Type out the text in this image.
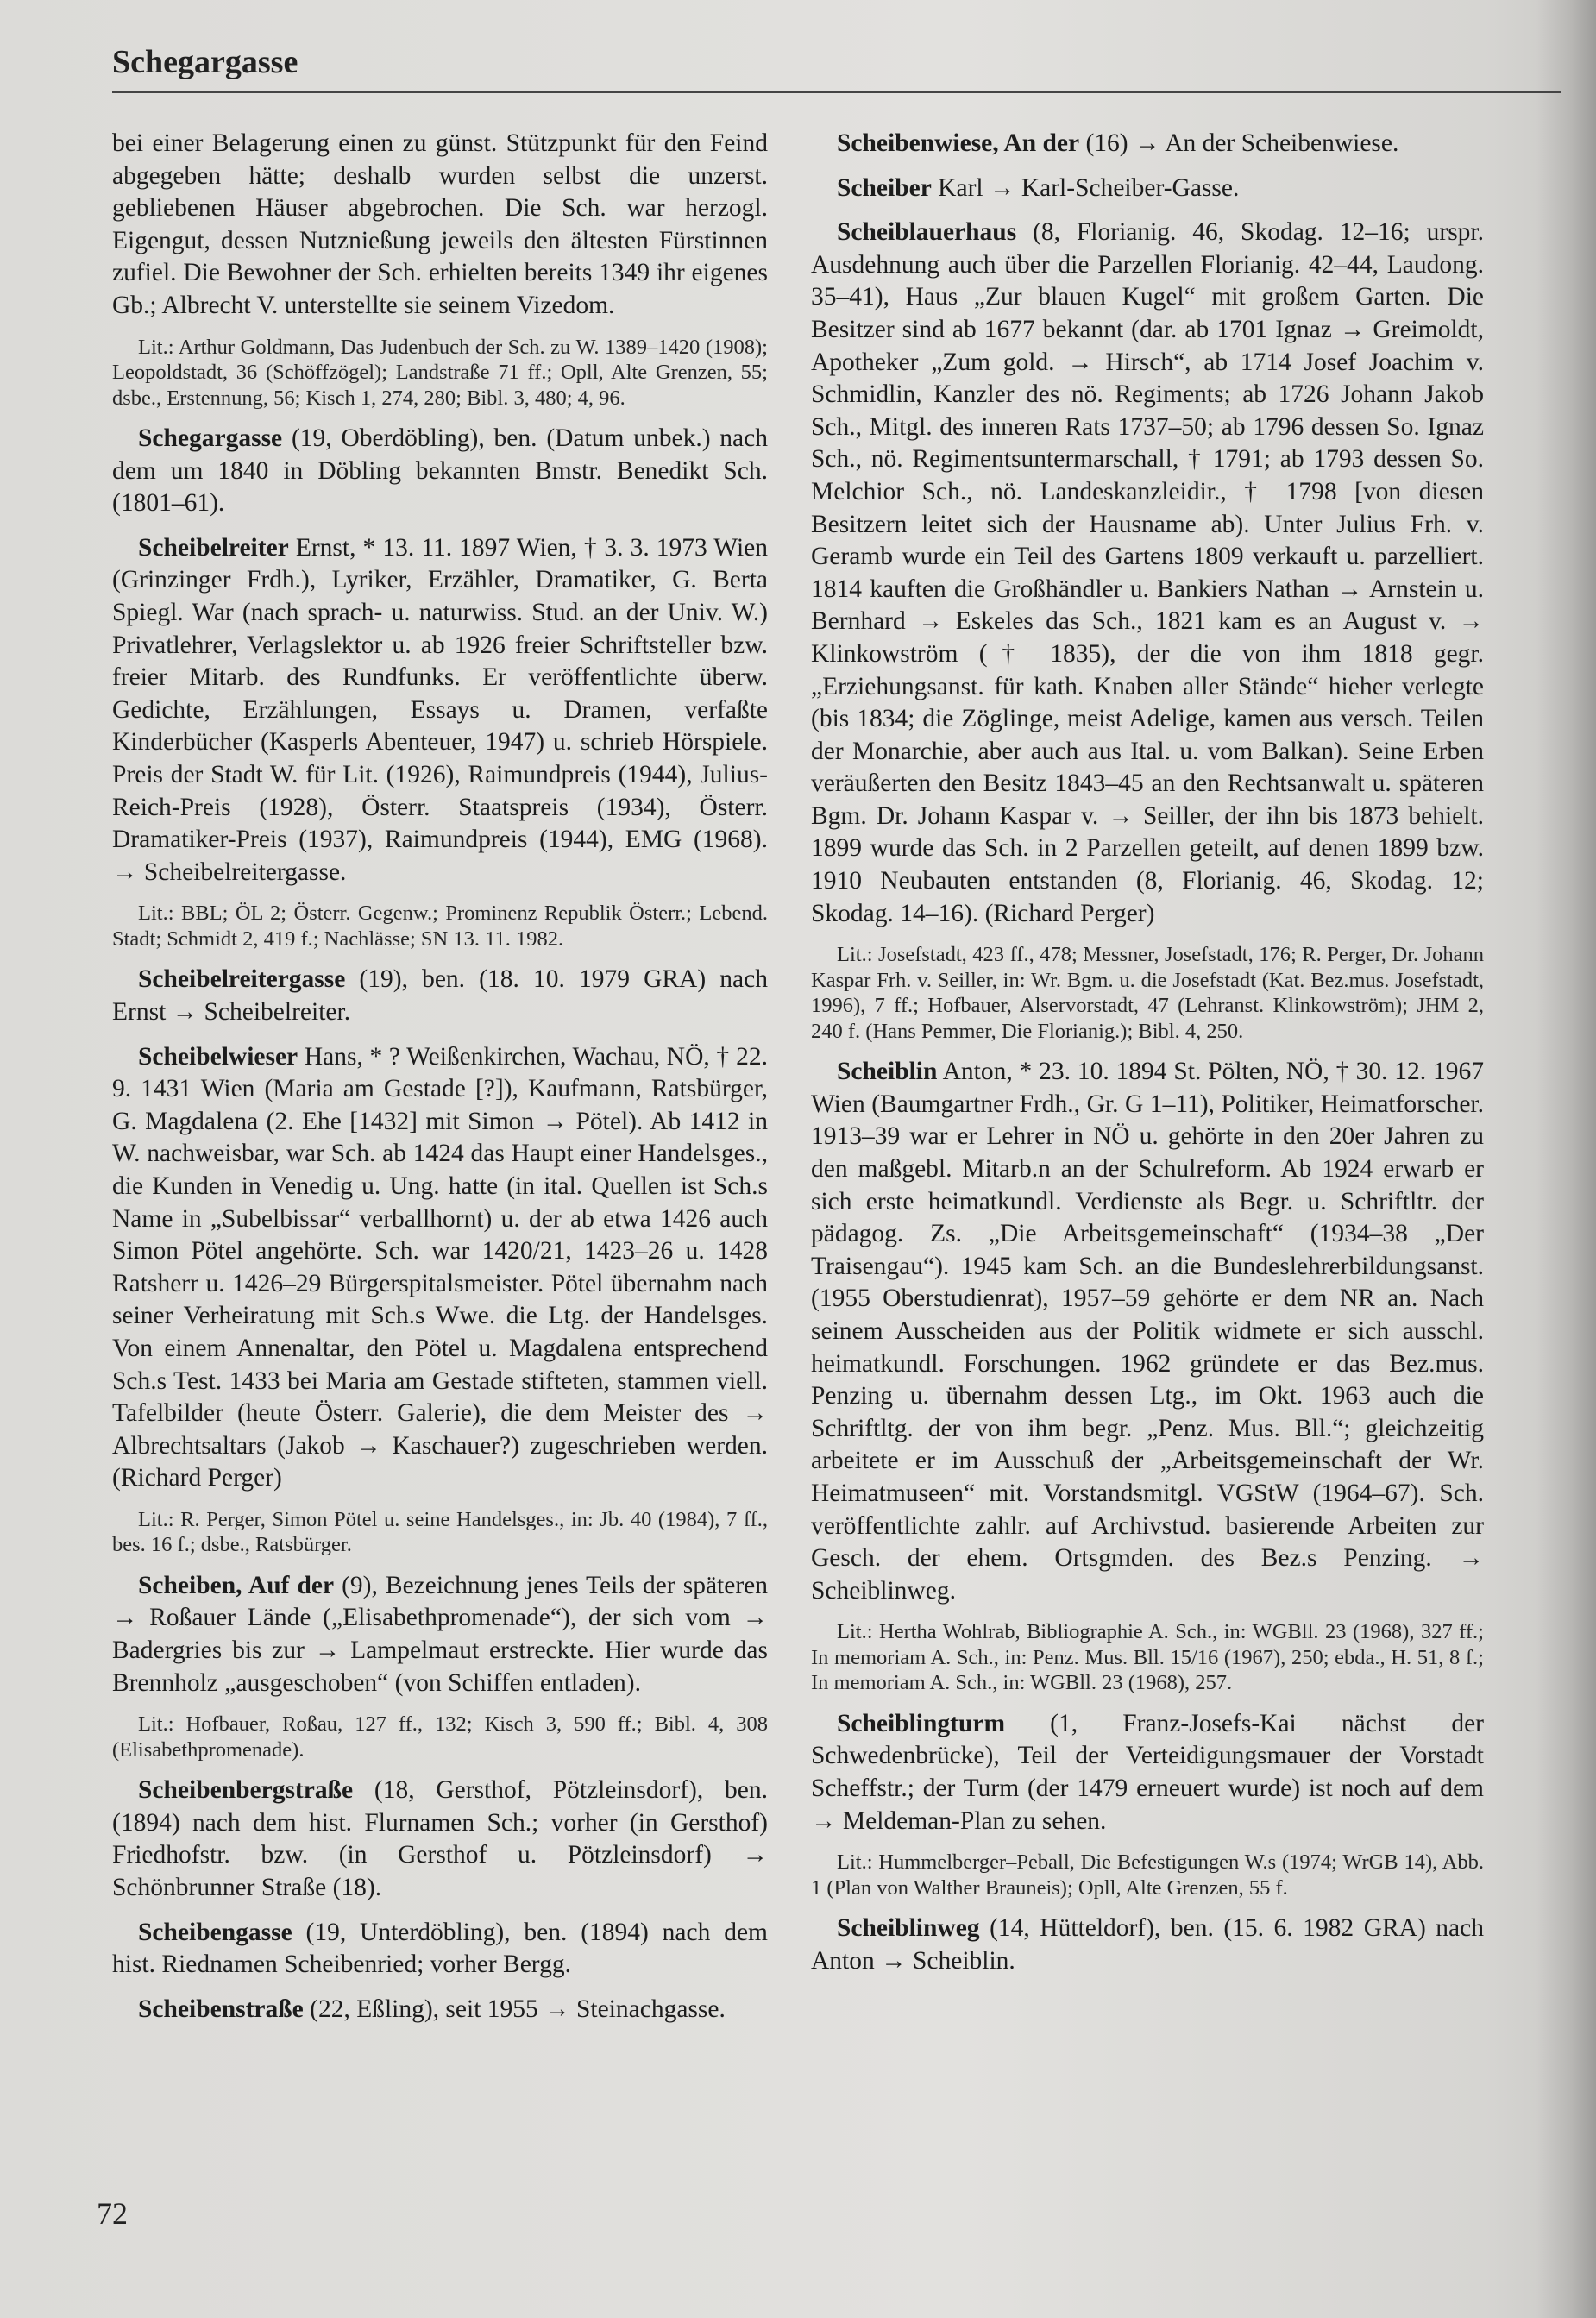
Schegargasse

bei einer Belagerung einen zu günst. Stützpunkt für den Feind abgegeben hätte; deshalb wurden selbst die unzerst. gebliebenen Häuser abgebrochen. Die Sch. war herzogl. Eigengut, dessen Nutznießung jeweils den ältesten Fürstinnen zufiel. Die Bewohner der Sch. erhielten bereits 1349 ihr eigenes Gb.; Albrecht V. unterstellte sie seinem Vizedom.

Lit.: Arthur Goldmann, Das Judenbuch der Sch. zu W. 1389–1420 (1908); Leopoldstadt, 36 (Schöffzögel); Landstraße 71 ff.; Opll, Alte Grenzen, 55; dsbe., Erstennung, 56; Kisch 1, 274, 280; Bibl. 3, 480; 4, 96.

Schegargasse (19, Oberdöbling), ben. (Datum unbek.) nach dem um 1840 in Döbling bekannten Bmstr. Benedikt Sch. (1801–61).

Scheibelreiter Ernst, * 13. 11. 1897 Wien, † 3. 3. 1973 Wien (Grinzinger Frdh.), Lyriker, Erzähler, Dramatiker, G. Berta Spiegl. War (nach sprach- u. naturwiss. Stud. an der Univ. W.) Privatlehrer, Verlagslektor u. ab 1926 freier Schriftsteller bzw. freier Mitarb. des Rundfunks. Er veröffentlichte überw. Gedichte, Erzählungen, Essays u. Dramen, verfaßte Kinderbücher (Kasperls Abenteuer, 1947) u. schrieb Hörspiele. Preis der Stadt W. für Lit. (1926), Raimundpreis (1944), Julius-Reich-Preis (1928), Österr. Staatspreis (1934), Österr. Dramatiker-Preis (1937), Raimundpreis (1944), EMG (1968). → Scheibelreitergasse.

Lit.: BBL; ÖL 2; Österr. Gegenw.; Prominenz Republik Österr.; Lebend. Stadt; Schmidt 2, 419 f.; Nachlässe; SN 13. 11. 1982.

Scheibelreitergasse (19), ben. (18. 10. 1979 GRA) nach Ernst → Scheibelreiter.

Scheibelwieser Hans, * ? Weißenkirchen, Wachau, NÖ, † 22. 9. 1431 Wien (Maria am Gestade [?]), Kaufmann, Ratsbürger, G. Magdalena (2. Ehe [1432] mit Simon → Pötel). Ab 1412 in W. nachweisbar, war Sch. ab 1424 das Haupt einer Handelsges., die Kunden in Venedig u. Ung. hatte (in ital. Quellen ist Sch.s Name in „Subelbissar“ verballhornt) u. der ab etwa 1426 auch Simon Pötel angehörte. Sch. war 1420/21, 1423–26 u. 1428 Ratsherr u. 1426–29 Bürgerspitalsmeister. Pötel übernahm nach seiner Verheiratung mit Sch.s Wwe. die Ltg. der Handelsges. Von einem Annenaltar, den Pötel u. Magdalena entsprechend Sch.s Test. 1433 bei Maria am Gestade stifteten, stammen viell. Tafelbilder (heute Österr. Galerie), die dem Meister des → Albrechtsaltars (Jakob → Kaschauer?) zugeschrieben werden. (Richard Perger)

Lit.: R. Perger, Simon Pötel u. seine Handelsges., in: Jb. 40 (1984), 7 ff., bes. 16 f.; dsbe., Ratsbürger.

Scheiben, Auf der (9), Bezeichnung jenes Teils der späteren → Roßauer Lände („Elisabethpromenade“), der sich vom → Badergries bis zur → Lampelmaut erstreckte. Hier wurde das Brennholz „ausgeschoben“ (von Schiffen entladen).

Lit.: Hofbauer, Roßau, 127 ff., 132; Kisch 3, 590 ff.; Bibl. 4, 308 (Elisabethpromenade).

Scheibenbergstraße (18, Gersthof, Pötzleinsdorf), ben. (1894) nach dem hist. Flurnamen Sch.; vorher (in Gersthof) Friedhofstr. bzw. (in Gersthof u. Pötzleinsdorf) → Schönbrunner Straße (18).

Scheibengasse (19, Unterdöbling), ben. (1894) nach dem hist. Riednamen Scheibenried; vorher Bergg.

Scheibenstraße (22, Eßling), seit 1955 → Steinachgasse.

Scheibenwiese, An der (16) → An der Scheibenwiese.

Scheiber Karl → Karl-Scheiber-Gasse.

Scheiblauerhaus (8, Florianig. 46, Skodag. 12–16; urspr. Ausdehnung auch über die Parzellen Florianig. 42–44, Laudong. 35–41), Haus „Zur blauen Kugel“ mit großem Garten. Die Besitzer sind ab 1677 bekannt (dar. ab 1701 Ignaz → Greimoldt, Apotheker „Zum gold. → Hirsch“, ab 1714 Josef Joachim v. Schmidlin, Kanzler des nö. Regiments; ab 1726 Johann Jakob Sch., Mitgl. des inneren Rats 1737–50; ab 1796 dessen So. Ignaz Sch., nö. Regimentsuntermarschall, † 1791; ab 1793 dessen So. Melchior Sch., nö. Landeskanzleidir., † 1798 [von diesen Besitzern leitet sich der Hausname ab). Unter Julius Frh. v. Geramb wurde ein Teil des Gartens 1809 verkauft u. parzelliert. 1814 kauften die Großhändler u. Bankiers Nathan → Arnstein u. Bernhard → Eskeles das Sch., 1821 kam es an August v. → Klinkowström († 1835), der die von ihm 1818 gegr. „Erziehungsanst. für kath. Knaben aller Stände“ hieher verlegte (bis 1834; die Zöglinge, meist Adelige, kamen aus versch. Teilen der Monarchie, aber auch aus Ital. u. vom Balkan). Seine Erben veräußerten den Besitz 1843–45 an den Rechtsanwalt u. späteren Bgm. Dr. Johann Kaspar v. → Seiller, der ihn bis 1873 behielt. 1899 wurde das Sch. in 2 Parzellen geteilt, auf denen 1899 bzw. 1910 Neubauten entstanden (8, Florianig. 46, Skodag. 12; Skodag. 14–16). (Richard Perger)

Lit.: Josefstadt, 423 ff., 478; Messner, Josefstadt, 176; R. Perger, Dr. Johann Kaspar Frh. v. Seiller, in: Wr. Bgm. u. die Josefstadt (Kat. Bez.mus. Josefstadt, 1996), 7 ff.; Hofbauer, Alservorstadt, 47 (Lehranst. Klinkowström); JHM 2, 240 f. (Hans Pemmer, Die Florianig.); Bibl. 4, 250.

Scheiblin Anton, * 23. 10. 1894 St. Pölten, NÖ, † 30. 12. 1967 Wien (Baumgartner Frdh., Gr. G 1–11), Politiker, Heimatforscher. 1913–39 war er Lehrer in NÖ u. gehörte in den 20er Jahren zu den maßgebl. Mitarb.n an der Schulreform. Ab 1924 erwarb er sich erste heimatkundl. Verdienste als Begr. u. Schriftltr. der pädagog. Zs. „Die Arbeitsgemeinschaft“ (1934–38 „Der Traisengau“). 1945 kam Sch. an die Bundeslehrerbildungsanst. (1955 Oberstudienrat), 1957–59 gehörte er dem NR an. Nach seinem Ausscheiden aus der Politik widmete er sich ausschl. heimatkundl. Forschungen. 1962 gründete er das Bez.mus. Penzing u. übernahm dessen Ltg., im Okt. 1963 auch die Schriftltg. der von ihm begr. „Penz. Mus. Bll.“; gleichzeitig arbeitete er im Ausschuß der „Arbeitsgemeinschaft der Wr. Heimatmuseen“ mit. Vorstandsmitgl. VGStW (1964–67). Sch. veröffentlichte zahlr. auf Archivstud. basierende Arbeiten zur Gesch. der ehem. Ortsgmden. des Bez.s Penzing. → Scheiblinweg.

Lit.: Hertha Wohlrab, Bibliographie A. Sch., in: WGBll. 23 (1968), 327 ff.; In memoriam A. Sch., in: Penz. Mus. Bll. 15/16 (1967), 250; ebda., H. 51, 8 f.; In memoriam A. Sch., in: WGBll. 23 (1968), 257.

Scheiblingturm (1, Franz-Josefs-Kai nächst der Schwedenbrücke), Teil der Verteidigungsmauer der Vorstadt Scheffstr.; der Turm (der 1479 erneuert wurde) ist noch auf dem → Meldeman-Plan zu sehen.

Lit.: Hummelberger–Peball, Die Befestigungen W.s (1974; WrGB 14), Abb. 1 (Plan von Walther Brauneis); Opll, Alte Grenzen, 55 f.

Scheiblinweg (14, Hütteldorf), ben. (15. 6. 1982 GRA) nach Anton → Scheiblin.

72
